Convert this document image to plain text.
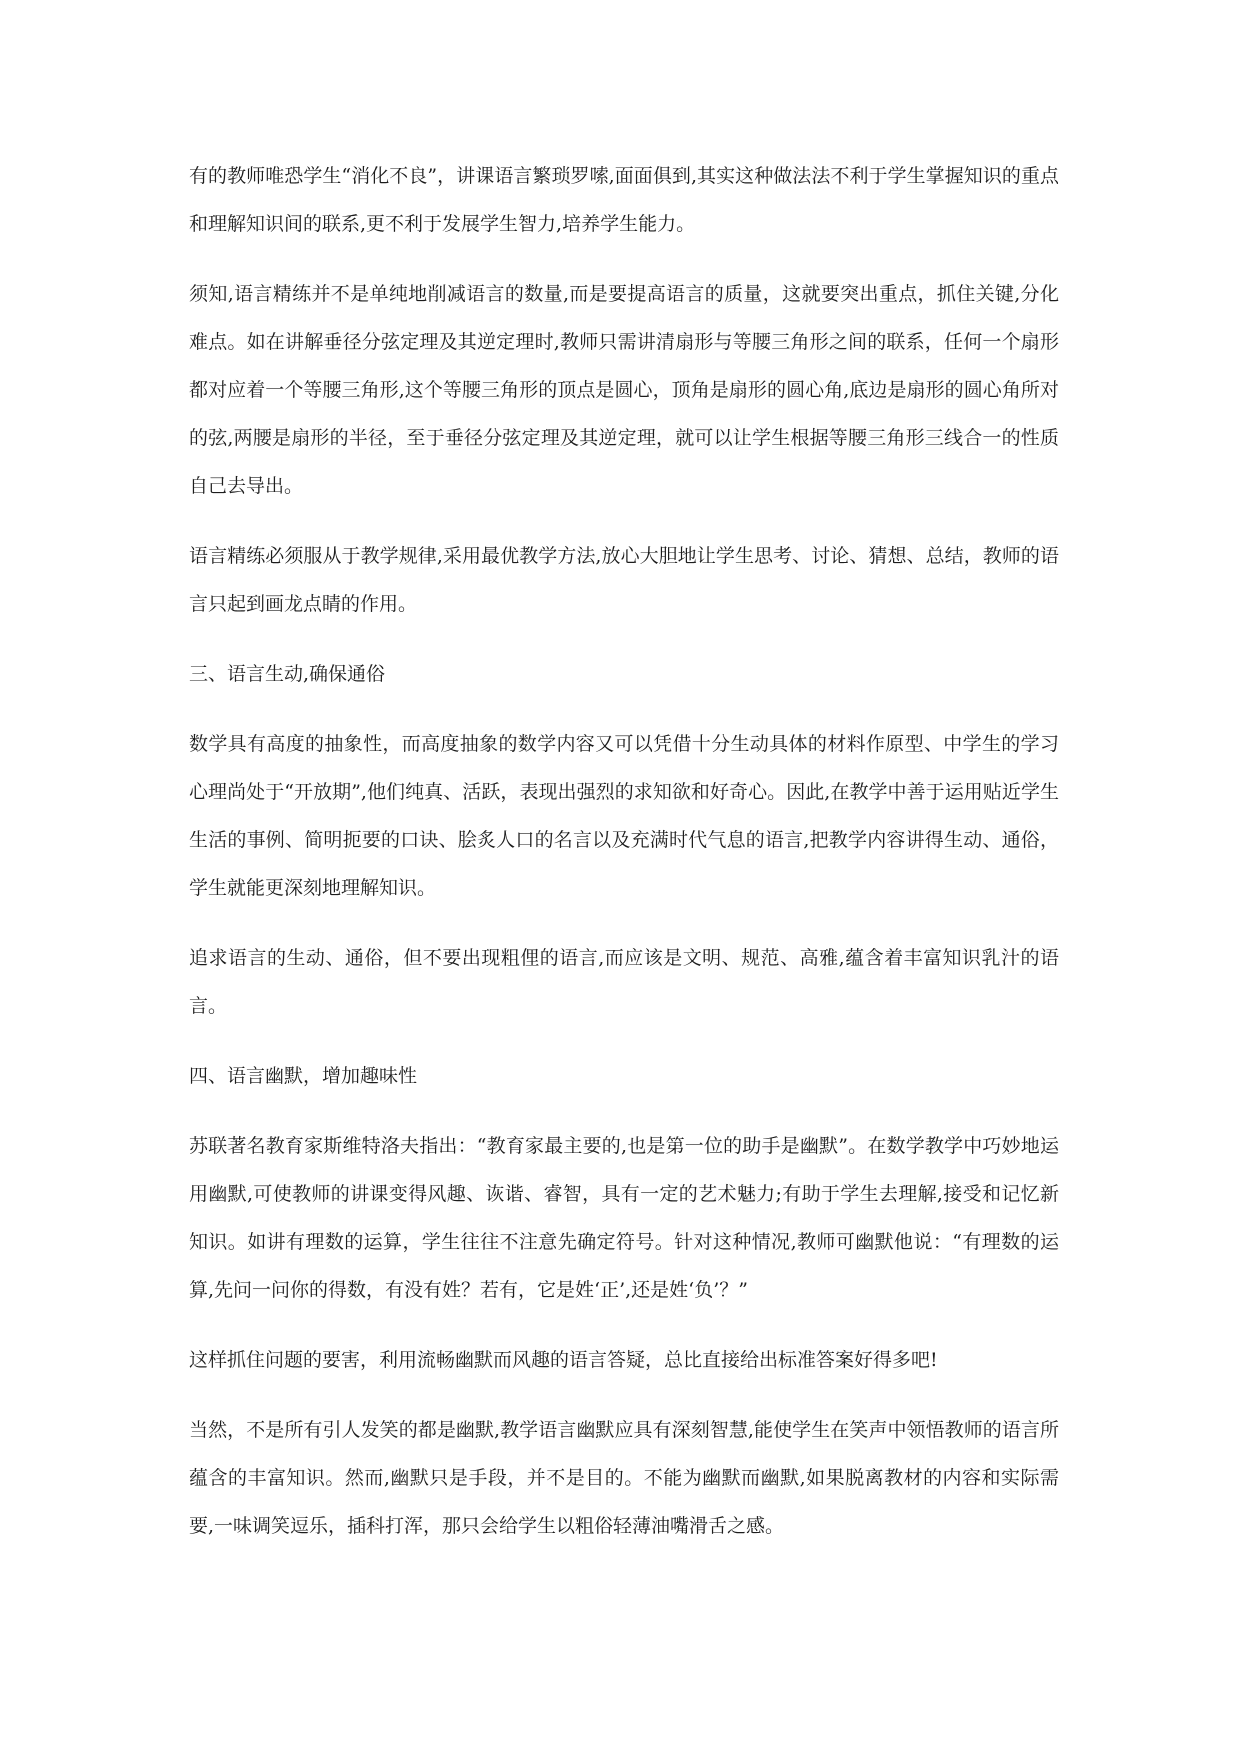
有的教师唯恐学生“消化不良”，讲课语言繁琐罗嗦,面面俱到,其实这种做法法不利于学生掌握知识的重点和理解知识间的联系,更不利于发展学生智力,培养学生能力。

须知,语言精练并不是单纯地削减语言的数量,而是要提高语言的质量，这就要突出重点，抓住关键,分化难点。如在讲解垂径分弦定理及其逆定理时,教师只需讲清扇形与等腰三角形之间的联系，任何一个扇形都对应着一个等腰三角形,这个等腰三角形的顶点是圆心，顶角是扇形的圆心角,底边是扇形的圆心角所对的弦,两腰是扇形的半径，至于垂径分弦定理及其逆定理，就可以让学生根据等腰三角形三线合一的性质自己去导出。

语言精练必须服从于教学规律,采用最优教学方法,放心大胆地让学生思考、讨论、猜想、总结，教师的语言只起到画龙点睛的作用。

三、语言生动,确保通俗

数学具有高度的抽象性，而高度抽象的数学内容又可以凭借十分生动具体的材料作原型、中学生的学习心理尚处于“开放期”,他们纯真、活跃，表现出强烈的求知欲和好奇心。因此,在教学中善于运用贴近学生生活的事例、简明扼要的口诀、脍炙人口的名言以及充满时代气息的语言,把教学内容讲得生动、通俗，学生就能更深刻地理解知识。

追求语言的生动、通俗，但不要出现粗俚的语言,而应该是文明、规范、高雅,蕴含着丰富知识乳汁的语言。

四、语言幽默，增加趣味性

苏联著名教育家斯维特洛夫指出：“教育家最主要的,也是第一位的助手是幽默”。在数学教学中巧妙地运用幽默,可使教师的讲课变得风趣、诙谐、睿智，具有一定的艺术魅力;有助于学生去理解,接受和记忆新知识。如讲有理数的运算，学生往往不注意先确定符号。针对这种情况,教师可幽默他说：“有理数的运算,先问一问你的得数，有没有姓？若有，它是姓‘正’,还是姓‘负’？”

这样抓住问题的要害，利用流畅幽默而风趣的语言答疑，总比直接给出标准答案好得多吧!

当然，不是所有引人发笑的都是幽默,教学语言幽默应具有深刻智慧,能使学生在笑声中领悟教师的语言所蕴含的丰富知识。然而,幽默只是手段，并不是目的。不能为幽默而幽默,如果脱离教材的内容和实际需要,一味调笑逗乐，插科打浑，那只会给学生以粗俗轻薄油嘴滑舌之感。
